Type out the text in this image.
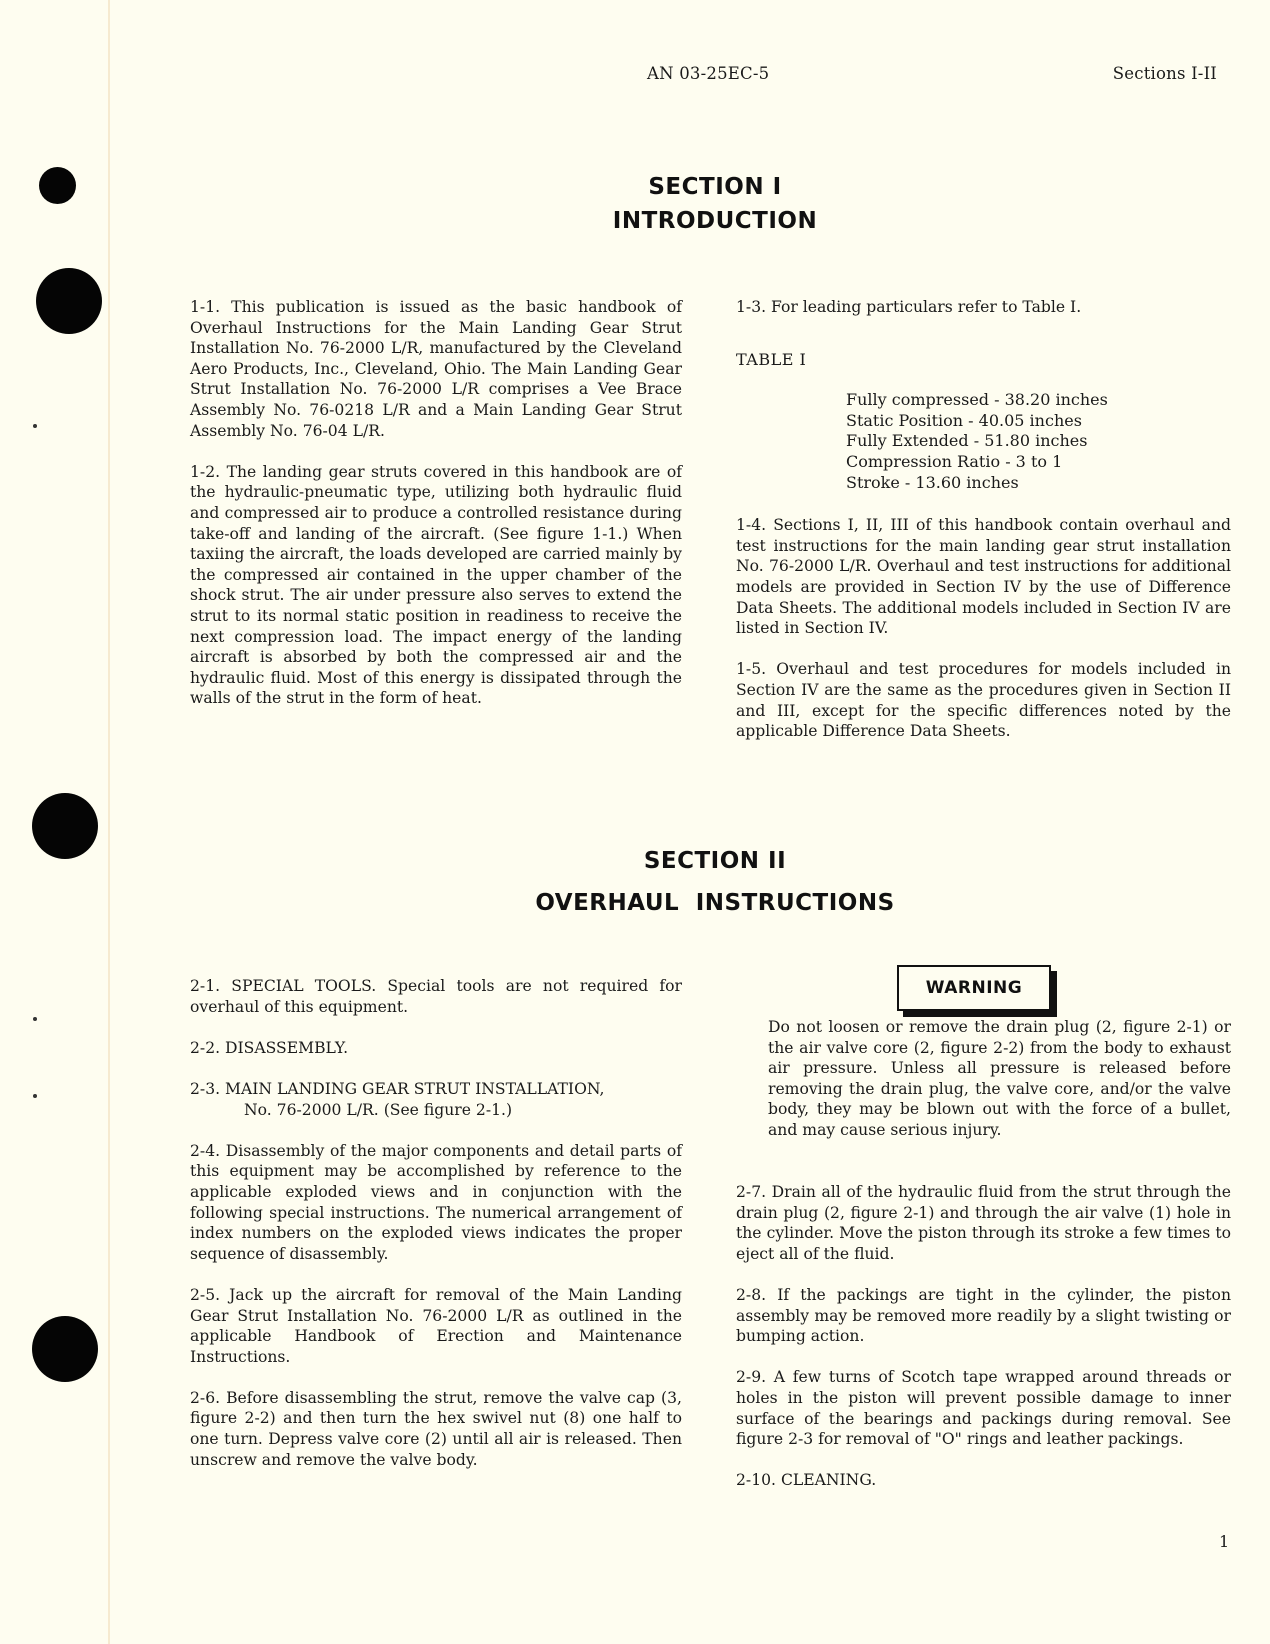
AN 03-25EC-5	Sections I-II
SECTION I
INTRODUCTION

1-1. This publication is issued as the basic handbook of Overhaul Instructions for the Main Landing Gear Strut Installation No. 76-2000 L/R, manufactured by the Cleveland Aero Products, Inc., Cleveland, Ohio. The Main Landing Gear Strut Installation No. 76-2000 L/R comprises a Vee Brace Assembly No. 76-0218 L/R and a Main Landing Gear Strut Assembly No. 76-04 L/R.

1-2. The landing gear struts covered in this handbook are of the hydraulic-pneumatic type, utilizing both hydraulic fluid and compressed air to produce a controlled resistance during take-off and landing of the aircraft. (See figure 1-1.) When taxiing the aircraft, the loads developed are carried mainly by the compressed air contained in the upper chamber of the shock strut. The air under pressure also serves to extend the strut to its normal static position in readiness to receive the next compression load. The impact energy of the landing aircraft is absorbed by both the compressed air and the hydraulic fluid. Most of this energy is dissipated through the walls of the strut in the form of heat.

1-3. For leading particulars refer to Table I.

TABLE I

Fully compressed - 38.20 inches
Static Position - 40.05 inches
Fully Extended - 51.80 inches
Compression Ratio - 3 to 1
Stroke - 13.60 inches

1-4. Sections I, II, III of this handbook contain overhaul and test instructions for the main landing gear strut installation No. 76-2000 L/R. Overhaul and test instructions for additional models are provided in Section IV by the use of Difference Data Sheets. The additional models included in Section IV are listed in Section IV.

1-5. Overhaul and test procedures for models included in Section IV are the same as the procedures given in Section II and III, except for the specific differences noted by the applicable Difference Data Sheets.

SECTION II
OVERHAUL INSTRUCTIONS

2-1. SPECIAL TOOLS. Special tools are not required for overhaul of this equipment.

2-2. DISASSEMBLY.

2-3. MAIN LANDING GEAR STRUT INSTALLATION,

No. 76-2000 L/R. (See figure 2-1.)

2-4. Disassembly of the major components and detail parts of this equipment may be accomplished by reference to the applicable exploded views and in conjunction with the following special instructions. The numerical arrangement of index numbers on the exploded views indicates the proper sequence of disassembly.

2-5. Jack up the aircraft for removal of the Main Landing Gear Strut Installation No. 76-2000 L/R as outlined in the applicable Handbook of Erection and Maintenance Instructions.

2-6. Before disassembling the strut, remove the valve cap (3, figure 2-2) and then turn the hex swivel nut (8) one half to one turn. Depress valve core (2) until all air is released. Then unscrew and remove the valve body.

WARNING

Do not loosen or remove the drain plug (2, figure 2-1) or the air valve core (2, figure 2-2) from the body to exhaust air pressure. Unless all pressure is released before removing the drain plug, the valve core, and/or the valve body, they may be blown out with the force of a bullet, and may cause serious injury.

2-7. Drain all of the hydraulic fluid from the strut through the drain plug (2, figure 2-1) and through the air valve (1) hole in the cylinder. Move the piston through its stroke a few times to eject all of the fluid.

2-8. If the packings are tight in the cylinder, the piston assembly may be removed more readily by a slight twisting or bumping action.

2-9. A few turns of Scotch tape wrapped around threads or holes in the piston will prevent possible damage to inner surface of the bearings and packings during removal. See figure 2-3 for removal of "O" rings and leather packings.

2-10. CLEANING.

1
